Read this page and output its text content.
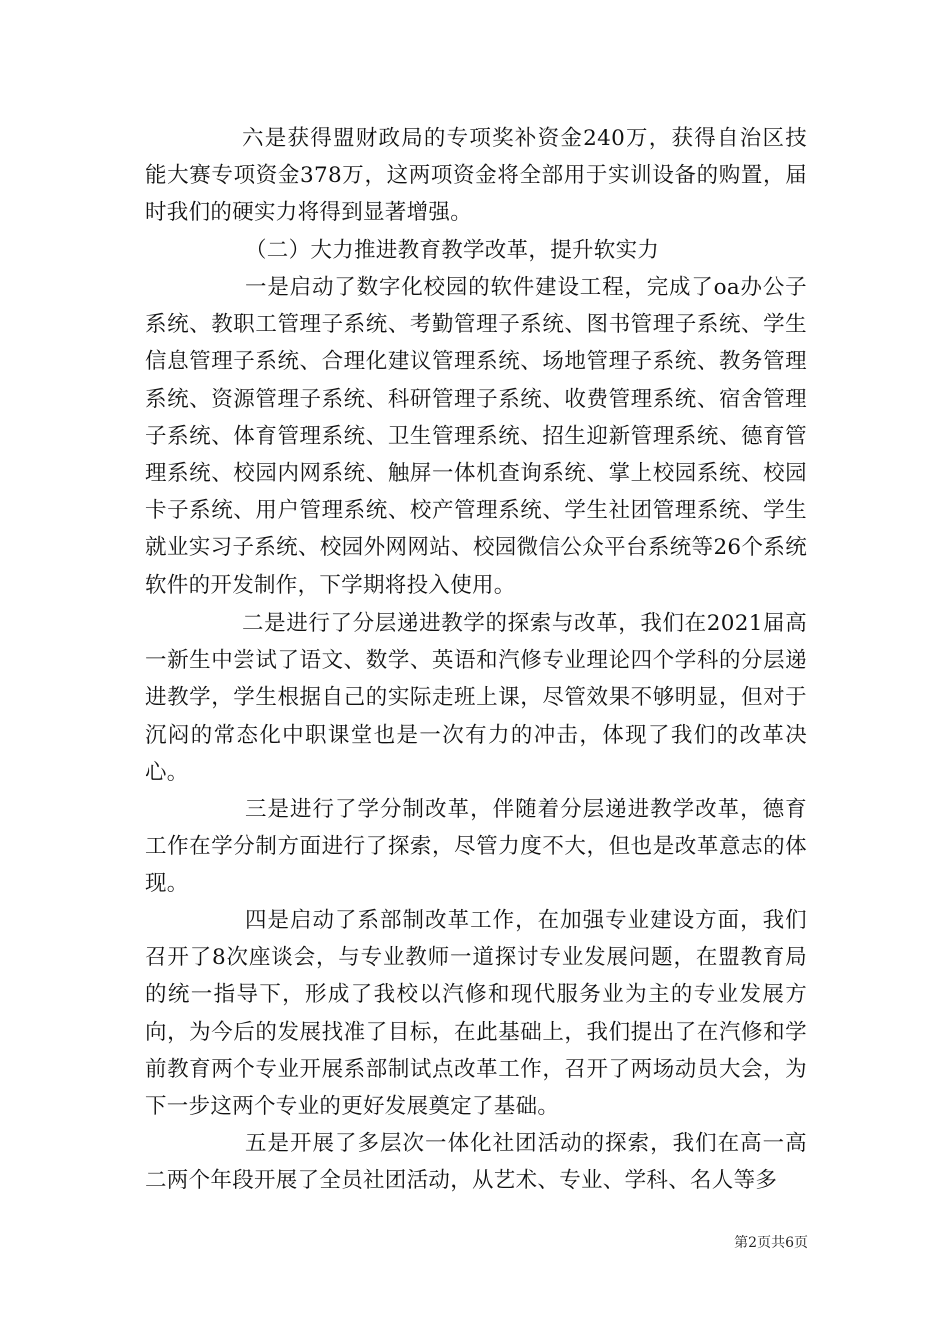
六是获得盟财政局的专项奖补资金240万，获得自治区技能大赛专项资金378万，这两项资金将全部用于实训设备的购置，届时我们的硬实力将得到显著增强。

（二）大力推进教育教学改革，提升软实力

一是启动了数字化校园的软件建设工程，完成了oa办公子系统、教职工管理子系统、考勤管理子系统、图书管理子系统、学生信息管理子系统、合理化建议管理系统、场地管理子系统、教务管理系统、资源管理子系统、科研管理子系统、收费管理系统、宿舍管理子系统、体育管理系统、卫生管理系统、招生迎新管理系统、德育管理系统、校园内网系统、触屏一体机查询系统、掌上校园系统、校园卡子系统、用户管理系统、校产管理系统、学生社团管理系统、学生就业实习子系统、校园外网网站、校园微信公众平台系统等26个系统软件的开发制作，下学期将投入使用。

二是进行了分层递进教学的探索与改革，我们在2021届高一新生中尝试了语文、数学、英语和汽修专业理论四个学科的分层递进教学，学生根据自己的实际走班上课，尽管效果不够明显，但对于沉闷的常态化中职课堂也是一次有力的冲击，体现了我们的改革决心。

三是进行了学分制改革，伴随着分层递进教学改革，德育工作在学分制方面进行了探索，尽管力度不大，但也是改革意志的体现。

四是启动了系部制改革工作，在加强专业建设方面，我们召开了8次座谈会，与专业教师一道探讨专业发展问题，在盟教育局的统一指导下，形成了我校以汽修和现代服务业为主的专业发展方向，为今后的发展找准了目标，在此基础上，我们提出了在汽修和学前教育两个专业开展系部制试点改革工作，召开了两场动员大会，为下一步这两个专业的更好发展奠定了基础。

五是开展了多层次一体化社团活动的探索，我们在高一高二两个年段开展了全员社团活动，从艺术、专业、学科、名人等多

第2页共6页
